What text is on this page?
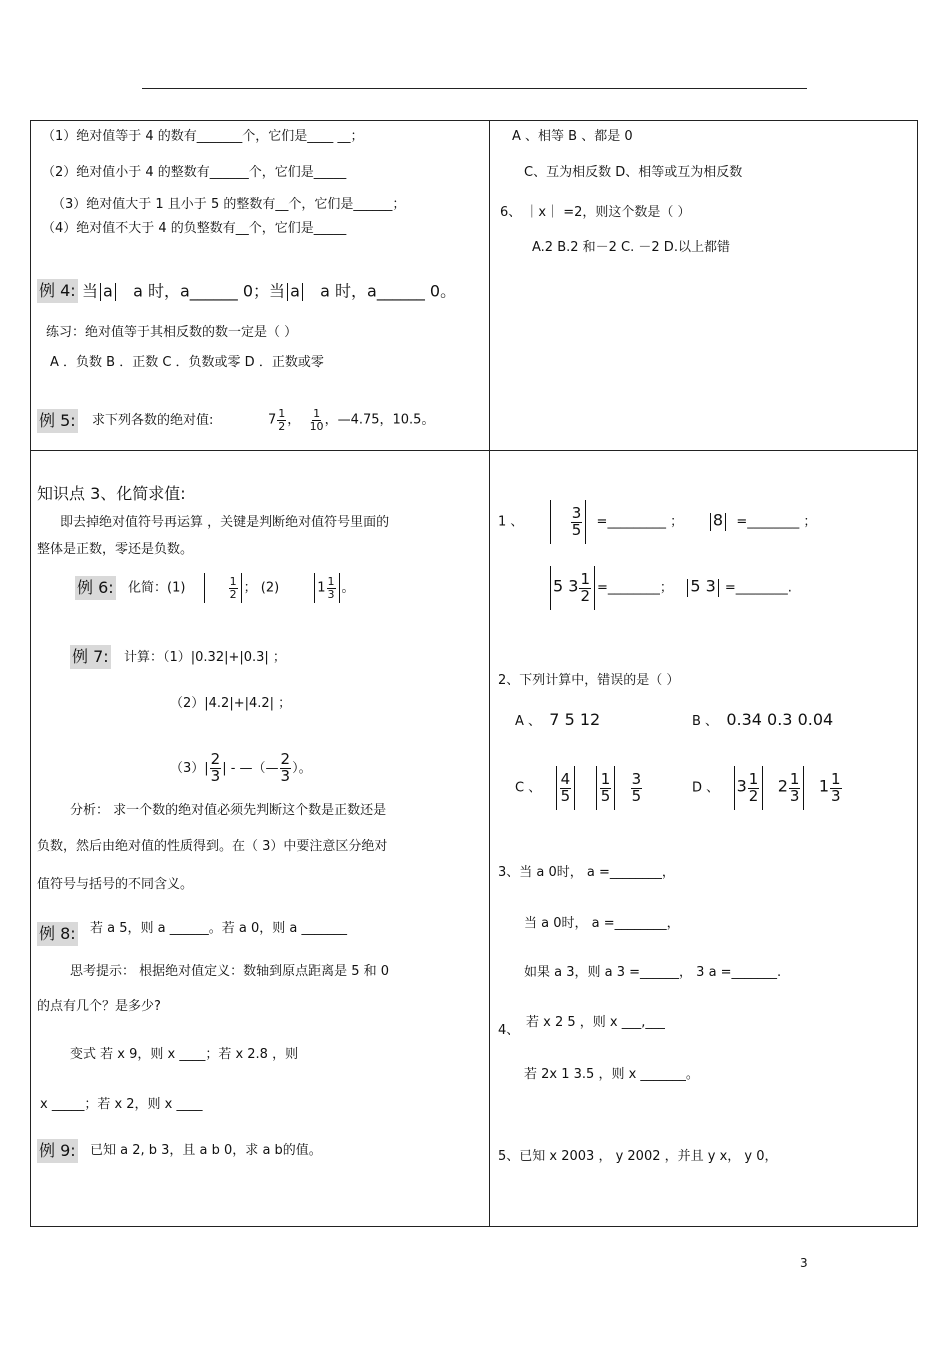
（1）绝对值等于 4 的数有_______个，它们是____ __；
（2）绝对值小于 4 的整数有______个，它们是_____
（3）绝对值大于 1 且小于 5 的整数有__个，它们是______；
（4）绝对值不大于 4 的负整数有__个，它们是_____
例 4: 当 a a 时，a______ 0；当 a a 时，a______ 0。
练习：绝对值等于其相反数的数一定是（ ）
A ．负数 B ．正数 C ．负数或零 D ．正数或零
例 5: 求下列各数的绝对值:	$7 \frac{1}{2}$ ， $\frac{1}{10}$ ，—4.75，10.5。
A 、相等 B 、都是 0
C、互为相反数 D、相等或互为相反数
6、 ｜x｜ =2，则这个数是（ ）
A.2 B.2 和－2 C. －2 D.以上都错
知识点 3、化简求值:
即去掉绝对值符号再运算 ，关键是判断绝对值符号里面的
整体是正数，零还是负数。
例 6: 化简：(1)	$\frac{1}{2}$ ； (2)	$1 \frac{1}{3}$ 。
例 7: 计算：（1）|0.32|+|0.3| ；
（2）|4.2|+|4.2| ；
$(3)| \frac{2}{3}$ | - —（— $\frac{2}{3}$ ）。
分析： 求一个数的绝对值必须先判断这个数是正数还是
负数，然后由绝对值的性质得到。在（ 3）中要注意区分绝对
值符号与括号的不同含义。
例 8: 若 a 5，则 a ______。若 a 0，则 a _______
思考提示： 根据绝对值定义：数轴到原点距离是 5 和 0
的点有几个？是多少?
变式 若 x 9，则 x ____；若 x 2.8 ，则
x _____；若 x 2，则 x ____
例 9: 已知 a 2, b 3，且 a b 0，求 a b的值。
1 、	$\frac{3}{5}$ =_________ ； 8 =________ ；
5 $3 \frac{1}{2}$ =________； 5 3 =________.
2、下列计算中，错误的是（ ）
A 、 7 5 12	B 、 0.34 0.3 0.04
C 、 $\frac{4}{5}$
$\frac{1}{5}$
$\frac{3}{5}$	D 、 $3 \frac{1}{2} 2 \frac{1}{3} 1 \frac{1}{3}$
3、当 a 0时， a =________，
当 a 0时， a =________，
如果 a 3，则 a 3 =______， 3 a =_______.
4、
若 x 2 5 ，则 x ___,___
若 2x 1 3.5 ，则 x _______。
5、已知 x 2003 ， y 2002 ，并且 y x， y 0，
3
